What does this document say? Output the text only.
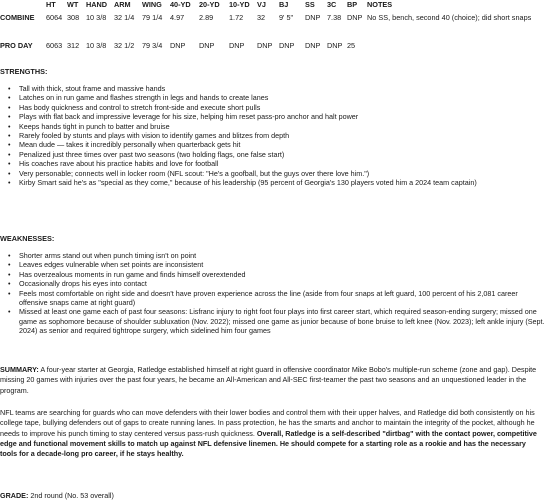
	HT	WT	HAND	ARM	WING	40-YD	20-YD	10-YD	VJ	BJ	SS	3C	BP	NOTES
COMBINE	6064	308	10 3/8	32 1/4	79 1/4	4.97	2.89	1.72	32	9' 5"	DNP	7.38	DNP	No SS, bench, second 40 (choice); did short snaps
PRO DAY	6063	312	10 3/8	32 1/2	79 3/4	DNP	DNP	DNP	DNP	DNP	DNP	DNP	25	
STRENGTHS:
• Tall with thick, stout frame and massive hands
• Latches on in run game and flashes strength in legs and hands to create lanes
• Has body quickness and control to stretch front-side and execute short pulls
• Plays with flat back and impressive leverage for his size, helping him reset pass-pro anchor and halt power
• Keeps hands tight in punch to batter and bruise
• Rarely fooled by stunts and plays with vision to identify games and blitzes from depth
• Mean dude — takes it incredibly personally when quarterback gets hit
• Penalized just three times over past two seasons (two holding flags, one false start)
• His coaches rave about his practice habits and love for football
• Very personable; connects well in locker room (NFL scout: "He's a goofball, but the guys over there love him.")
• Kirby Smart said he's as "special as they come," because of his leadership (95 percent of Georgia's 130 players voted him a 2024 team captain)
WEAKNESSES:
• Shorter arms stand out when punch timing isn't on point
• Leaves edges vulnerable when set points are inconsistent
• Has overzealous moments in run game and finds himself overextended
• Occasionally drops his eyes into contact
• Feels most comfortable on right side and doesn't have proven experience across the line (aside from four snaps at left guard, 100 percent of his 2,081 career offensive snaps came at right guard)
• Missed at least one game each of past four seasons: Lisfranc injury to right foot four plays into first career start, which required season-ending surgery; missed one game as sophomore because of shoulder subluxation (Nov. 2022); missed one game as junior because of bone bruise to left knee (Nov. 2023); left ankle injury (Sept. 2024) as senior and required tightrope surgery, which sidelined him four games

SUMMARY: A four-year starter at Georgia, Ratledge established himself at right guard in offensive coordinator Mike Bobo's multiple-run scheme (zone and gap). Despite missing 20 games with injuries over the past four years, he became an All-American and All-SEC first-teamer the past two seasons and an unquestioned leader in the program.

NFL teams are searching for guards who can move defenders with their lower bodies and control them with their upper halves, and Ratledge did both consistently on his college tape, bullying defenders out of gaps to create running lanes. In pass protection, he has the smarts and anchor to maintain the integrity of the pocket, although he needs to improve his punch timing to stay centered versus pass-rush quickness. Overall, Ratledge is a self-described "dirtbag" with the contact power, competitive edge and functional movement skills to match up against NFL defensive linemen. He should compete for a starting role as a rookie and has the necessary tools for a decade-long pro career, if he stays healthy.

GRADE: 2nd round (No. 53 overall)
